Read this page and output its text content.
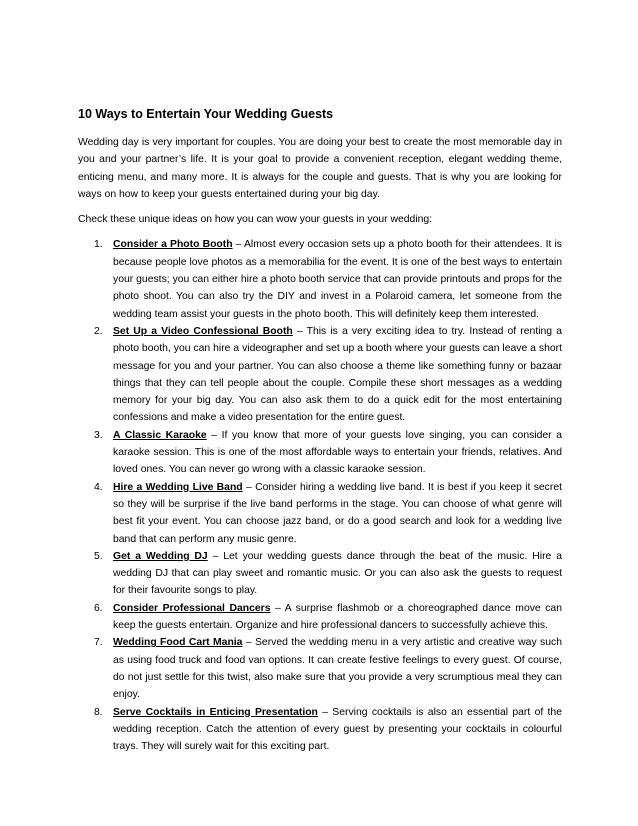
10 Ways to Entertain Your Wedding Guests

Wedding day is very important for couples. You are doing your best to create the most memorable day in you and your partner’s life. It is your goal to provide a convenient reception, elegant wedding theme, enticing menu, and many more. It is always for the couple and guests. That is why you are looking for ways on how to keep your guests entertained during your big day.

Check these unique ideas on how you can wow your guests in your wedding:

1. Consider a Photo Booth – Almost every occasion sets up a photo booth for their attendees. It is because people love photos as a memorabilia for the event. It is one of the best ways to entertain your guests; you can either hire a photo booth service that can provide printouts and props for the photo shoot. You can also try the DIY and invest in a Polaroid camera, let someone from the wedding team assist your guests in the photo booth. This will definitely keep them interested.
2. Set Up a Video Confessional Booth – This is a very exciting idea to try. Instead of renting a photo booth, you can hire a videographer and set up a booth where your guests can leave a short message for you and your partner. You can also choose a theme like something funny or bazaar things that they can tell people about the couple. Compile these short messages as a wedding memory for your big day. You can also ask them to do a quick edit for the most entertaining confessions and make a video presentation for the entire guest.
3. A Classic Karaoke – If you know that more of your guests love singing, you can consider a karaoke session. This is one of the most affordable ways to entertain your friends, relatives. And loved ones. You can never go wrong with a classic karaoke session.
4. Hire a Wedding Live Band – Consider hiring a wedding live band. It is best if you keep it secret so they will be surprise if the live band performs in the stage. You can choose of what genre will best fit your event. You can choose jazz band, or do a good search and look for a wedding live band that can perform any music genre.
5. Get a Wedding DJ – Let your wedding guests dance through the beat of the music. Hire a wedding DJ that can play sweet and romantic music. Or you can also ask the guests to request for their favourite songs to play.
6. Consider Professional Dancers – A surprise flashmob or a choreographed dance move can keep the guests entertain. Organize and hire professional dancers to successfully achieve this.
7. Wedding Food Cart Mania – Served the wedding menu in a very artistic and creative way such as using food truck and food van options. It can create festive feelings to every guest. Of course, do not just settle for this twist, also make sure that you provide a very scrumptious meal they can enjoy.
8. Serve Cocktails in Enticing Presentation – Serving cocktails is also an essential part of the wedding reception. Catch the attention of every guest by presenting your cocktails in colourful trays. They will surely wait for this exciting part.
